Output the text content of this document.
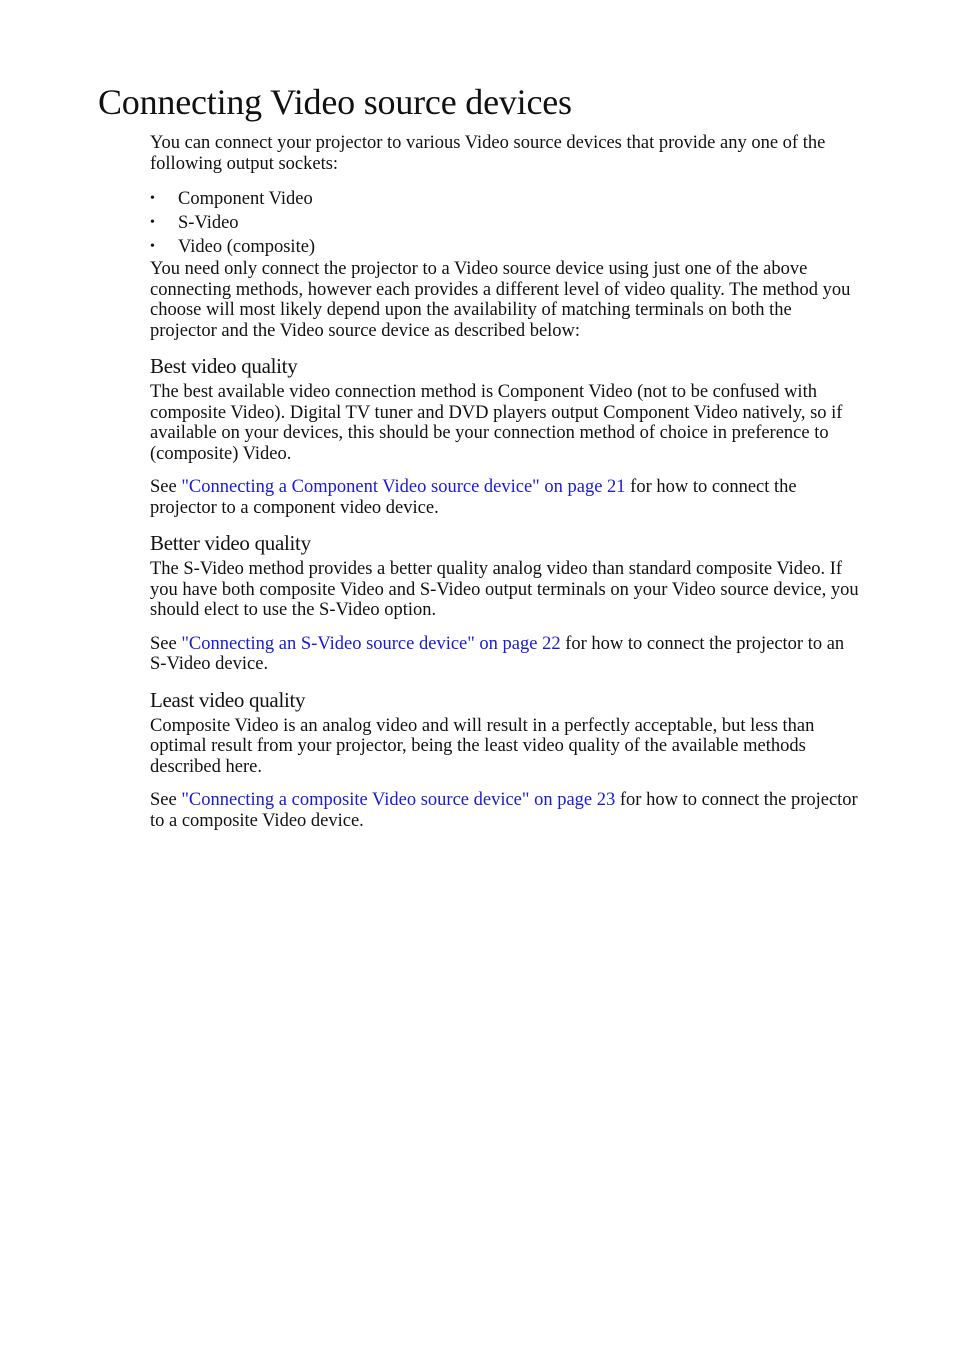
Connecting Video source devices

You can connect your projector to various Video source devices that provide any one of the following output sockets:

• Component Video
• S-Video
• Video (composite)

You need only connect the projector to a Video source device using just one of the above connecting methods, however each provides a different level of video quality. The method you choose will most likely depend upon the availability of matching terminals on both the projector and the Video source device as described below:

Best video quality

The best available video connection method is Component Video (not to be confused with composite Video). Digital TV tuner and DVD players output Component Video natively, so if available on your devices, this should be your connection method of choice in preference to (composite) Video.

See "Connecting a Component Video source device" on page 21 for how to connect the projector to a component video device.

Better video quality

The S-Video method provides a better quality analog video than standard composite Video. If you have both composite Video and S-Video output terminals on your Video source device, you should elect to use the S-Video option.

See "Connecting an S-Video source device" on page 22 for how to connect the projector to an S-Video device.

Least video quality

Composite Video is an analog video and will result in a perfectly acceptable, but less than optimal result from your projector, being the least video quality of the available methods described here.

See "Connecting a composite Video source device" on page 23 for how to connect the projector to a composite Video device.
